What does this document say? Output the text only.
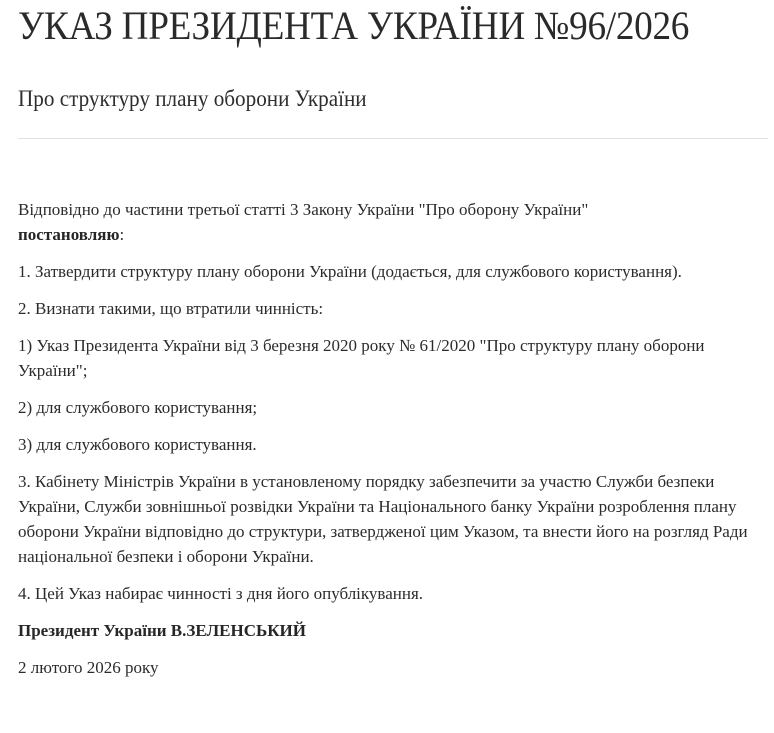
УКАЗ ПРЕЗИДЕНТА УКРАЇНИ №96/2026
Про структуру плану оборони України

Відповідно до частини третьої статті 3 Закону України "Про оборону України"
постановляю:

1. Затвердити структуру плану оборони України (додається, для службового користування).

2. Визнати такими, що втратили чинність:

1) Указ Президента України від 3 березня 2020 року № 61/2020 "Про структуру плану оборони України";

2) для службового користування;

3) для службового користування.

3. Кабінету Міністрів України в установленому порядку забезпечити за участю Служби безпеки України, Служби зовнішньої розвідки України та Національного банку України розроблення плану оборони України відповідно до структури, затвердженої цим Указом, та внести його на розгляд Ради національної безпеки і оборони України.

4. Цей Указ набирає чинності з дня його опублікування.

Президент України В.ЗЕЛЕНСЬКИЙ

2 лютого 2026 року
